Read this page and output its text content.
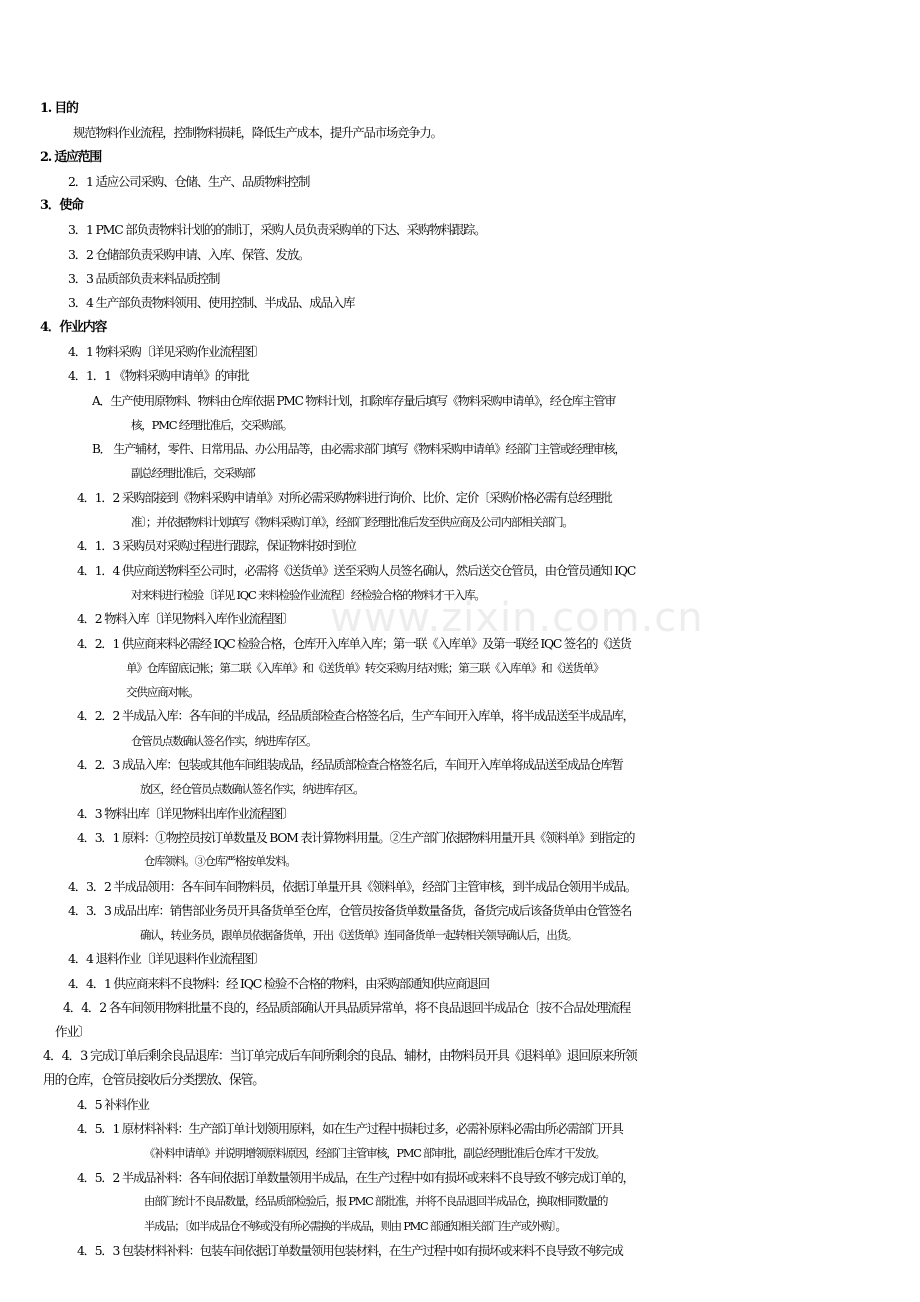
www.zixin.com.cn
1. 目的
规范物料作业流程，控制物料损耗，降低生产成本，提升产品市场竞争力。
2. 适应范围
2．1 适应公司采购、仓储、生产、品质物料控制
3．使命
3．1 PMC 部负责物料计划的的制订，采购人员负责采购单的下达、采购物料跟踪。
3．2 仓储部负责采购申请、入库、保管、发放。
3．3 品质部负责来料品质控制
3．4 生产部负责物料领用、使用控制、半成品、成品入库
4．作业内容
4．1 物料采购〔详见采购作业流程图〕
4．1．1 《物料采购申请单》的审批
A．生产使用原物料、物料由仓库依据 PMC 物料计划，扣除库存量后填写《物料采购申请单》，经仓库主管审
核，PMC 经理批准后，交采购部。
B． 生产辅材，零件、日常用品、办公用品等，由必需求部门填写《物料采购申请单》经部门主管或经理审核，
副总经理批准后，交采购部
4．1．2 采购部接到《物料采购申请单》对所必需采购物料进行询价、比价、定价〔采购价格必需有总经理批
准〕；并依据物料计划填写《物料采购订单》，经部门经理批准后发至供应商及公司内部相关部门。
4．1．3 采购员对采购过程进行跟踪，保证物料按时到位
4．1．4 供应商送物料至公司时，必需将《送货单》送至采购人员签名确认，然后送交仓管员，由仓管员通知 IQC
对来料进行检验〔详见 IQC 来料检验作业流程〕经检验合格的物料才干入库。
4．2 物料入库〔详见物料入库作业流程图〕
4．2．1 供应商来料必需经 IQC 检验合格，仓库开入库单入库；第一联《入库单》及第一联经 IQC 签名的《送货
单》仓库留底记帐；第二联《入库单》和《送货单》转交采购月结对账；第三联《入库单》和《送货单》
交供应商对帐。
4．2．2 半成品入库：各车间的半成品，经品质部检查合格签名后，生产车间开入库单，将半成品送至半成品库，
仓管员点数确认签名作实，纳进库存区。
4．2．3 成品入库：包装或其他车间组装成品，经品质部检查合格签名后，车间开入库单将成品送至成品仓库暂
放区，经仓管员点数确认签名作实，纳进库存区。
4．3 物料出库〔详见物料出库作业流程图〕
4．3．1 原料：①物控员按订单数量及 BOM 表计算物料用量。②生产部门依据物料用量开具《领料单》到指定的
仓库领料。③仓库严格按单发料。
4．3．2 半成品领用：各车间车间物料员，依据订单量开具《领料单》，经部门主管审核，到半成品仓领用半成品。
4．3．3 成品出库：销售部业务员开具备货单至仓库，仓管员按备货单数量备货，备货完成后该备货单由仓管签名
确认，转业务员，跟单员依据备货单，开出《送货单》连同备货单一起转相关领导确认后，出货。
4．4 退料作业〔详见退料作业流程图〕
4．4．1 供应商来料不良物料：经 IQC 检验不合格的物料，由采购部通知供应商退回
4．4．2 各车间领用物料批量不良的，经品质部确认开具品质异常单，将不良品退回半成品仓〔按不合品处理流程
作业〕
4．4．3 完成订单后剩余良品退库：当订单完成后车间所剩余的良品、辅材，由物料员开具《退料单》退回原来所领
用的仓库，仓管员接收后分类摆放、保管。
4．5 补料作业
4．5．1 原材料补料：生产部订单计划领用原料，如在生产过程中损耗过多，必需补原料必需由所必需部门开具
《补料申请单》并说明增领原料原因，经部门主管审核，PMC 部审批，副总经理批准后仓库才干发放。
4．5．2 半成品补料：各车间依据订单数量领用半成品，在生产过程中如有损坏或来料不良导致不够完成订单的，
由部门统计不良品数量，经品质部检验后，报 PMC 部批准，并将不良品退回半成品仓，换取相同数量的
半成品；〔如半成品仓不够或没有所必需换的半成品，则由 PMC 部通知相关部门生产或外购〕。
4．5．3 包装材料补料：包装车间依据订单数量领用包装材料，在生产过程中如有损坏或来料不良导致不够完成
